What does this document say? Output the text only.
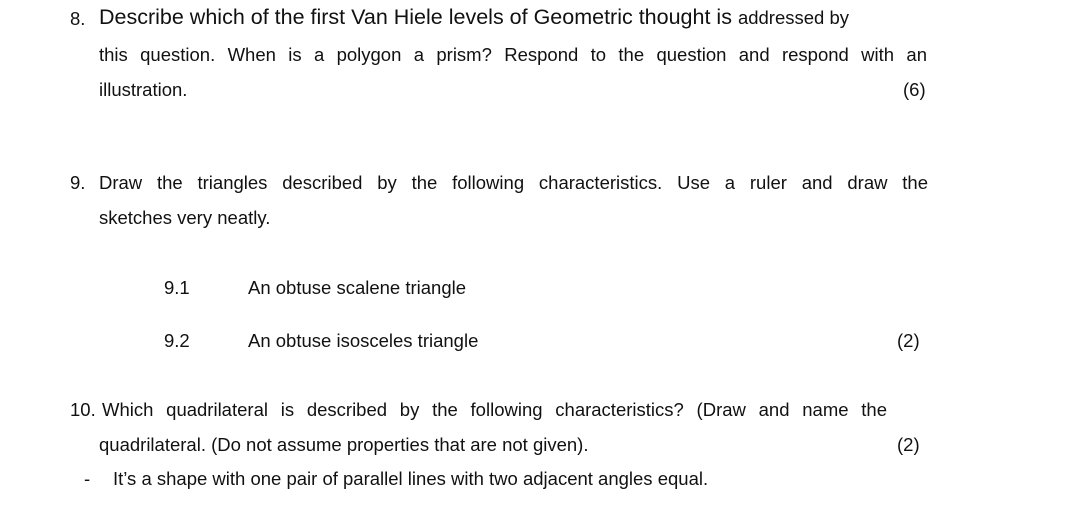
8. Describe which of the first Van Hiele levels of Geometric thought is addressed by
this question. When is a polygon a prism? Respond to the question and respond with an
illustration.	(6)
9. Draw the triangles described by the following characteristics. Use a ruler and draw the
sketches very neatly.
9.1	An obtuse scalene triangle
9.2	An obtuse isosceles triangle	(2)
10. Which quadrilateral is described by the following characteristics? (Draw and name the
quadrilateral. (Do not assume properties that are not given).	(2)
- It’s a shape with one pair of parallel lines with two adjacent angles equal.
